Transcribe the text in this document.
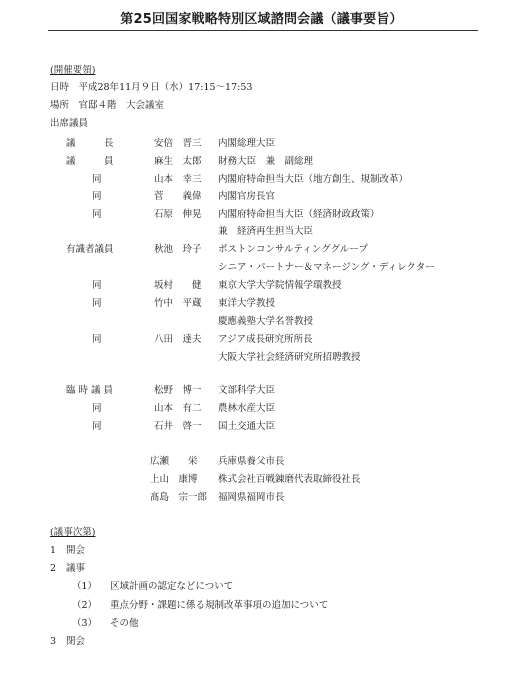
第25回国家戦略特別区域諮問会議（議事要旨）
(開催要領)
日時　平成28年11月９日（水）17:15～17:53
場所　官邸４階　大会議室
出席議員
議　　　長	安倍　晋三 内閣総理大臣
議　　　員	麻生　太郎 財務大臣　兼　副総理
同	山本　幸三 内閣府特命担当大臣（地方創生、規制改革）
同	菅　　義偉 内閣官房長官
同	石原　伸晃 内閣府特命担当大臣（経済財政政策）
兼　経済再生担当大臣
有識者議員	秋池　玲子 ボストンコンサルティンググループ
シニア・パートナー＆マネージング・ディレクター
同	坂村　　健 東京大学大学院情報学環教授
同	竹中　平蔵 東洋大学教授
慶應義塾大学名誉教授
同	八田　達夫 アジア成長研究所所長
大阪大学社会経済研究所招聘教授
臨 時 議 員	松野　博一 文部科学大臣
同	山本　有二 農林水産大臣
同	石井　啓一 国土交通大臣
広瀬　　栄 兵庫県養父市長
上山　康博 株式会社百戦錬磨代表取締役社長
髙島　宗一郎 福岡県福岡市長
(議事次第)
1 開会
2 議事
（1） 区域計画の認定などについて
（2） 重点分野・課題に係る規制改革事項の追加について
（3） その他
3 閉会
